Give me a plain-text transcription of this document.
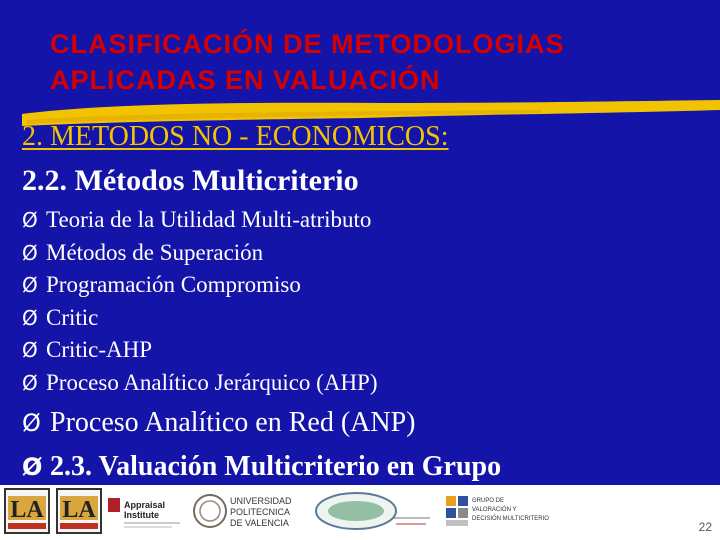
CLASIFICACIÓN DE METODOLOGIAS
APLICADAS EN VALUACIÓN
2. METODOS NO - ECONOMICOS:
2.2. Métodos Multicriterio
Ø Teoria de la Utilidad Multi-atributo
Ø Métodos de Superación
Ø Programación Compromiso
Ø Critic
Ø Critic-AHP
Ø Proceso Analítico Jerárquico (AHP)
Ø Proceso Analítico en Red (ANP)
Ø 2.3. Valuación Multicriterio en Grupo
LA LA	Appraisal
Institute
UNIVERSIDAD
POLITECNICA
DE VALENCIA
GRUPO DE
VALORACIÓN Y
DECISIÓN MULTICRITERIO
22
